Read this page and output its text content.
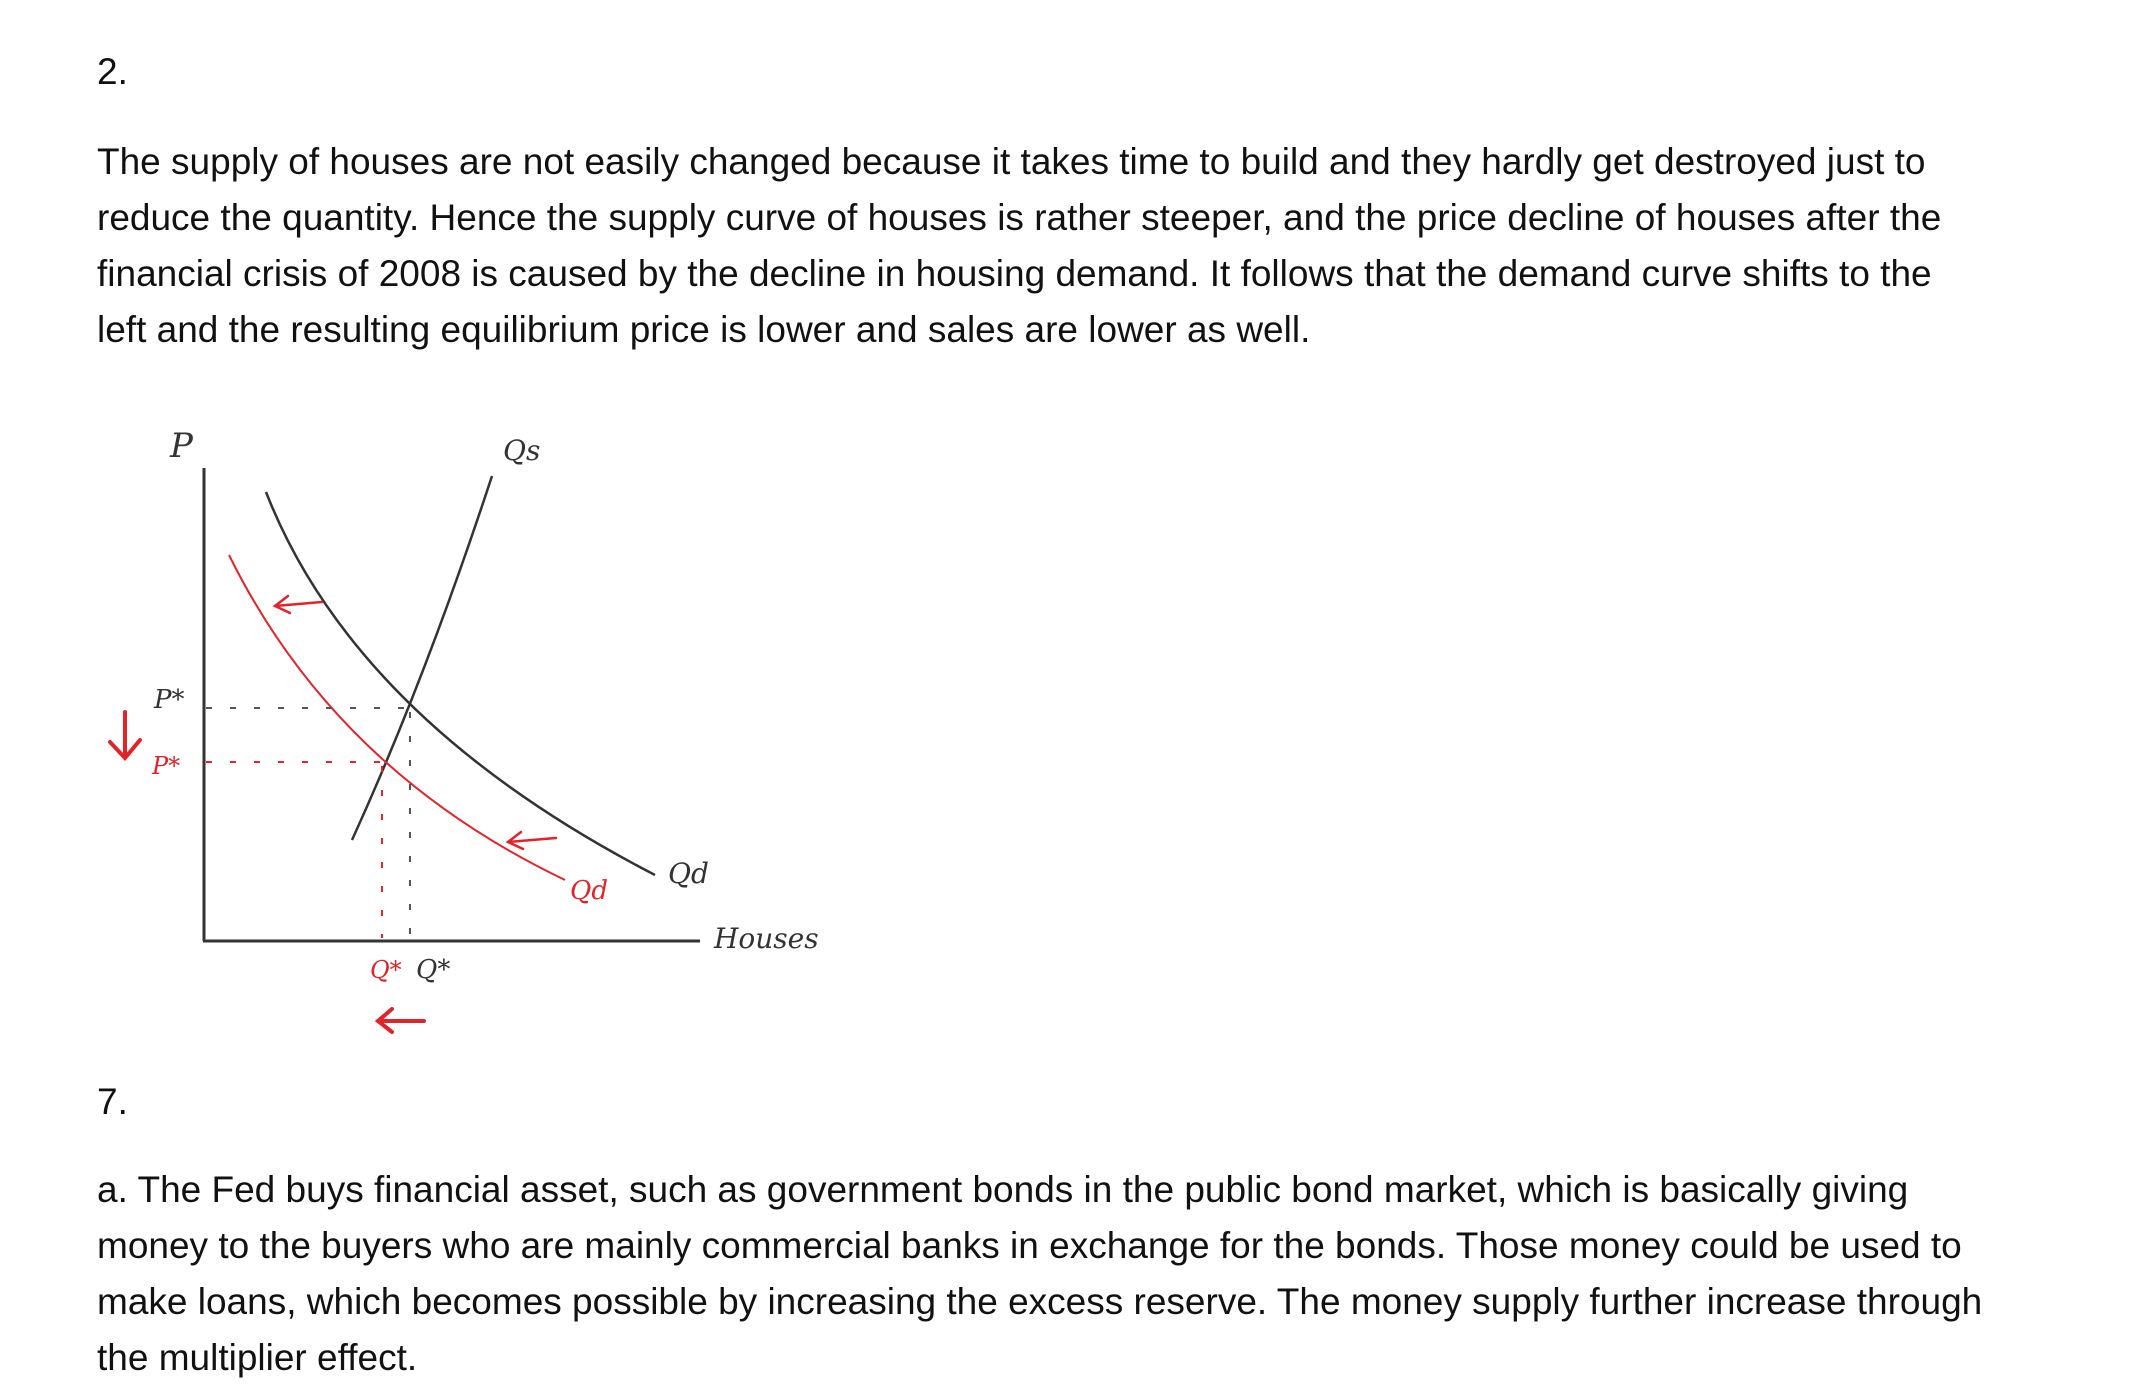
2.
The supply of houses are not easily changed because it takes time to build and they hardly get destroyed just to
reduce the quantity. Hence the supply curve of houses is rather steeper, and the price decline of houses after the
financial crisis of 2008 is caused by the decline in housing demand. It follows that the demand curve shifts to the
left and the resulting equilibrium price is lower and sales are lower as well.
P	Qs
Qd
Qd
Houses
P*
P*
Q*
Q*
7.
a. The Fed buys financial asset, such as government bonds in the public bond market, which is basically giving
money to the buyers who are mainly commercial banks in exchange for the bonds. Those money could be used to
make loans, which becomes possible by increasing the excess reserve. The money supply further increase through
the multiplier effect.
